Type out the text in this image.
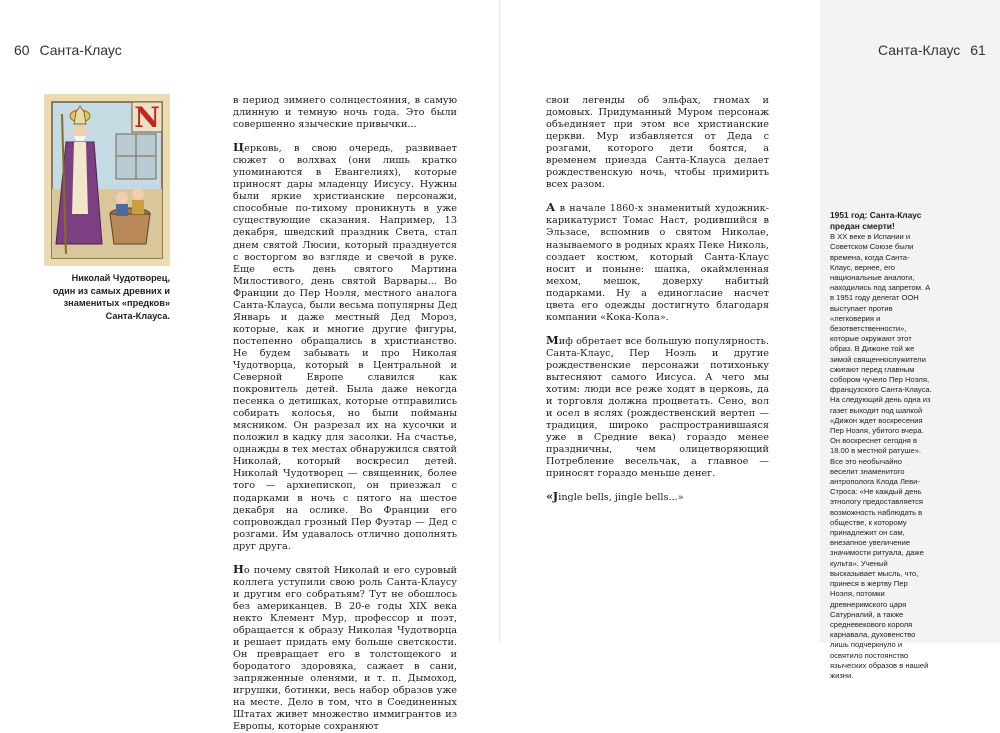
60 Санта-Клаус	Санта-Клаус 61
N
Николай Чудотворец, один из самых древних и знаменитых «предков» Санта-Клауса.

в период зимнего солнцестояния, в самую длинную и темную ночь года. Это были совершенно языческие привычки...

Церковь, в свою очередь, развивает сюжет о волхвах (они лишь кратко упоминаются в Евангелиях), которые приносят дары младенцу Иисусу. Нужны были яркие христианские персонажи, способные по-тихому проникнуть в уже существующие сказания. Например, 13 декабря, шведский праздник Света, стал днем святой Люсии, который празднуется с восторгом во взгляде и свечой в руке. Еще есть день святого Мартина Милостивого, день святой Варвары... Во Франции до Пер Ноэля, местного аналога Санта-Клауса, были весьма популярны Дед Январь и даже местный Дед Мороз, которые, как и многие другие фигуры, постепенно обращались в христианство. Не будем забывать и про Николая Чудотворца, который в Центральной и Северной Европе славился как покровитель детей. Была даже некогда песенка о детишках, которые отправились собирать колосья, но были пойманы мясником. Он разрезал их на кусочки и положил в кадку для засолки. На счастье, однажды в тех местах обнаружился святой Николай, который воскресил детей. Николай Чудотворец — священник, более того — архиепископ, он приезжал с подарками в ночь с пятого на шестое декабря на ослике. Во Франции его сопровождал грозный Пер Фуэтар — Дед с розгами. Им удавалось отлично дополнять друг друга.

Но почему святой Николай и его суровый коллега уступили свою роль Санта-Клаусу и другим его собратьям? Тут не обошлось без американцев. В 20-е годы XIX века некто Клемент Мур, профессор и поэт, обращается к образу Николая Чудотворца и решает придать ему больше светскости. Он превращает его в толстощекого и бородатого здоровяка, сажает в сани, запряженные оленями, и т. п. Дымоход, игрушки, ботинки, весь набор образов уже на месте. Дело в том, что в Соединенных Штатах живет множество иммигрантов из Европы, которые сохраняют

свои легенды об эльфах, гномах и домовых. Придуманный Муром персонаж объединяет при этом все христианские церкви. Мур избавляется от Деда с розгами, которого дети боятся, а временем приезда Санта-Клауса делает рождественскую ночь, чтобы примирить всех разом.

А в начале 1860-х знаменитый художник-карикатурист Томас Наст, родившийся в Эльзасе, вспомнив о святом Николае, называемого в родных краях Пеке Николь, создает костюм, который Санта-Клаус носит и поныне: шапка, окаймленная мехом, мешок, доверху набитый подарками. Ну а единогласие насчет цвета его одежды достигнуто благодаря компании «Кока-Кола».

Миф обретает все большую популярность. Санта-Клаус, Пер Ноэль и другие рождественские персонажи потихоньку вытесняют самого Иисуса. А чего мы хотим: люди все реже ходят в церковь, да и торговля должна процветать. Сено, вол и осел в яслях (рождественский вертеп — традиция, широко распространившаяся уже в Средние века) гораздо менее праздничны, чем олицетворяющий Потребление весельчак, а главное — приносят гораздо меньше денег.

«Jingle bells, jingle bells...»

1951 год: Санта-Клаус предан смерти!

В XX веке в Испании и Советском Союзе были времена, когда Санта-Клаус, вернее, его национальные аналоги, находились под запретом. А в 1951 году делегат ООН выступает против «легковерия и безответственности», которые окружают этот образ. В Дижоне той же зимой священнослужители сжигают перед главным собором чучело Пер Ноэля, французского Санта-Клауса. На следующий день одна из газет выходит под шапкой «Дижон ждет воскресения Пер Ноэля, убитого вчера. Он воскреснет сегодня в 18.00 в местной ратуше». Все это необычайно веселит знаменитого антрополога Клода Леви-Строса: «Не каждый день этнологу предоставляется возможность наблюдать в обществе, к которому принадлежит он сам, внезапное увеличение значимости ритуала, даже культа». Ученый высказывает мысль, что, принеся в жертву Пер Ноэля, потомки древнеримского царя Сатурналий, а также средневекового короля карнавала, духовенство лишь подчеркнуло и освятило постоянство языческих образов в нашей жизни.
